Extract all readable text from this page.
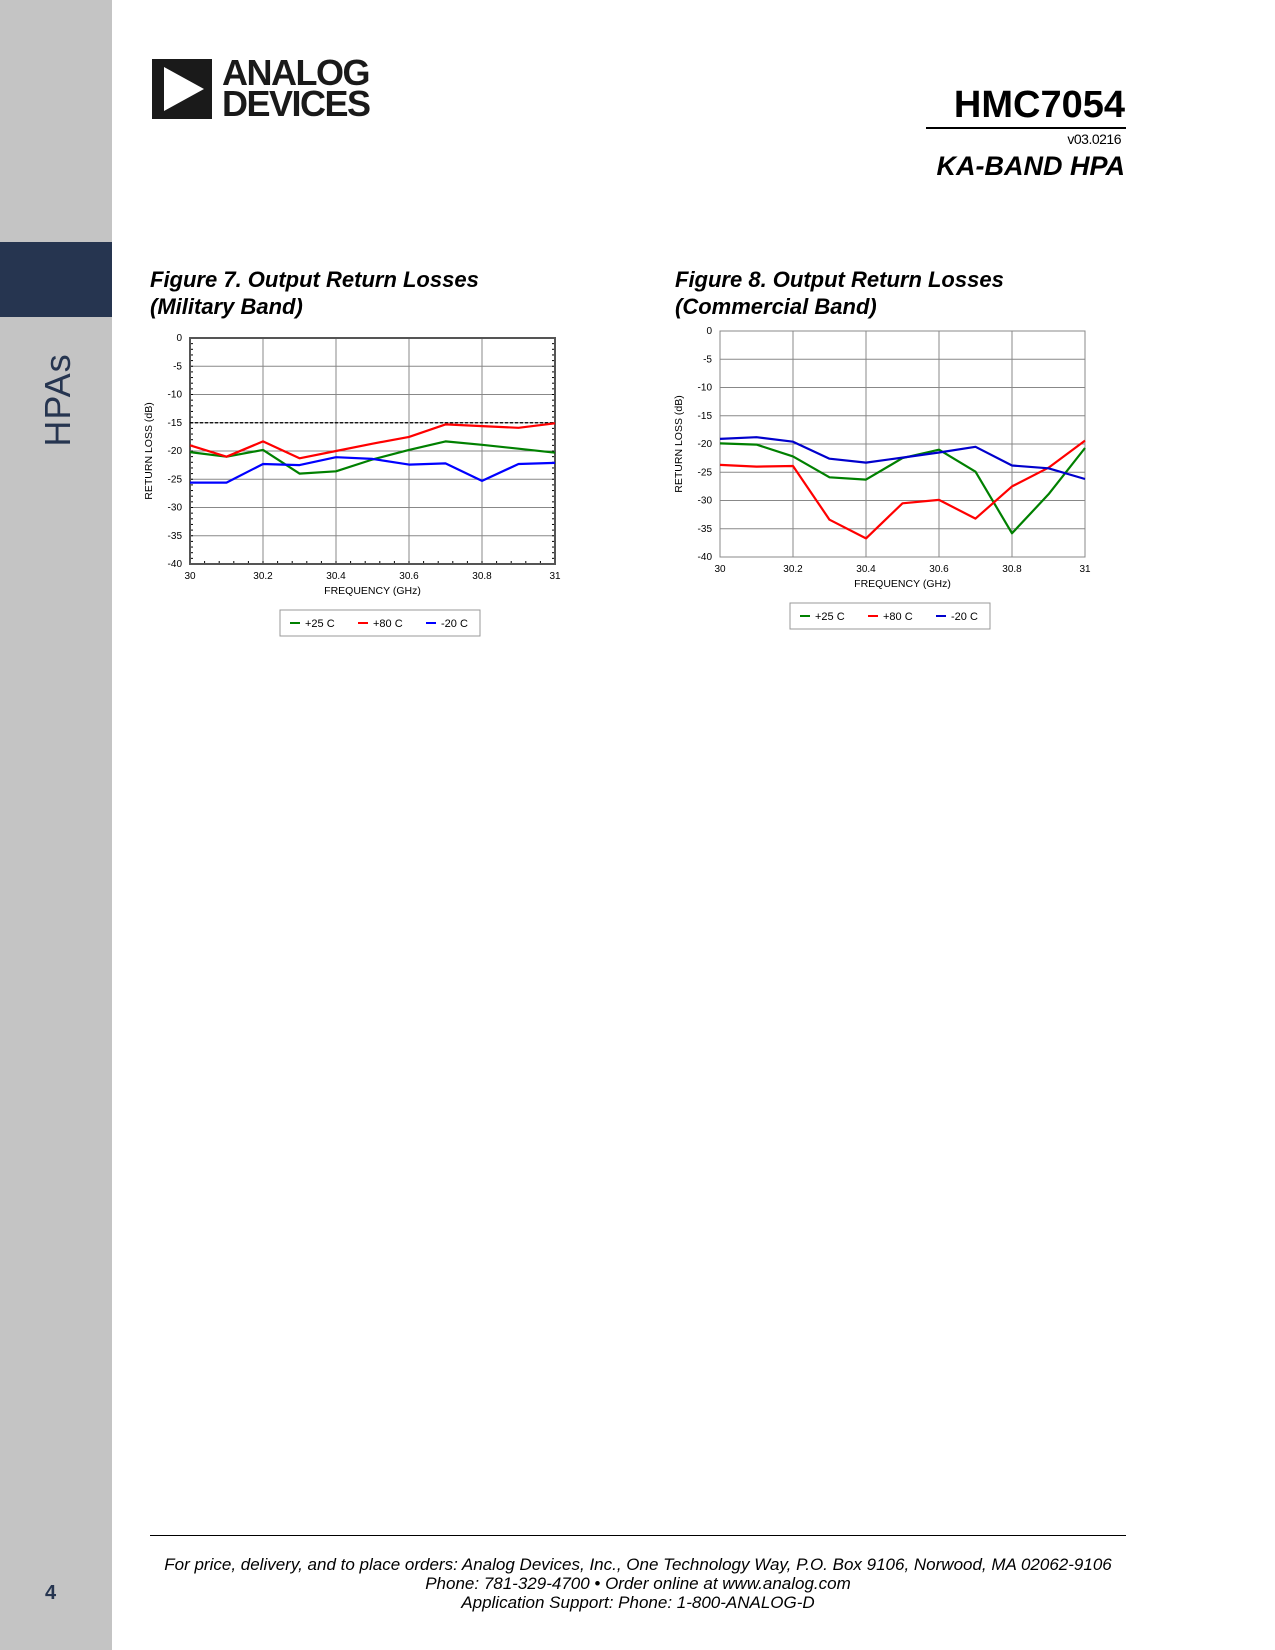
HPAs
4
ANALOG
DEVICES	HMC7054
v03.0216
KA-BAND HPA
Figure 7. Output Return Losses
(Military Band)
Figure 8. Output Return Losses
(Commercial Band)
30	30.2	30.4	30.6	30.8	31
0
-5
-10
-15
-20
-25
-30
-35
-40
FREQUENCY (GHz)
RETURN LOSS (dB)
+25 C	+80 C	-20 C
30	30.2	30.4	30.6	30.8	31
0
-5
-10
-15
-20
-25
-30
-35
-40
FREQUENCY (GHz)
RETURN LOSS (dB)
+25 C	+80 C	-20 C
For price, delivery, and to place orders: Analog Devices, Inc., One Technology Way, P.O. Box 9106, Norwood, MA 02062-9106
Phone: 781-329-4700 • Order online at www.analog.com
Application Support: Phone: 1-800-ANALOG-D
